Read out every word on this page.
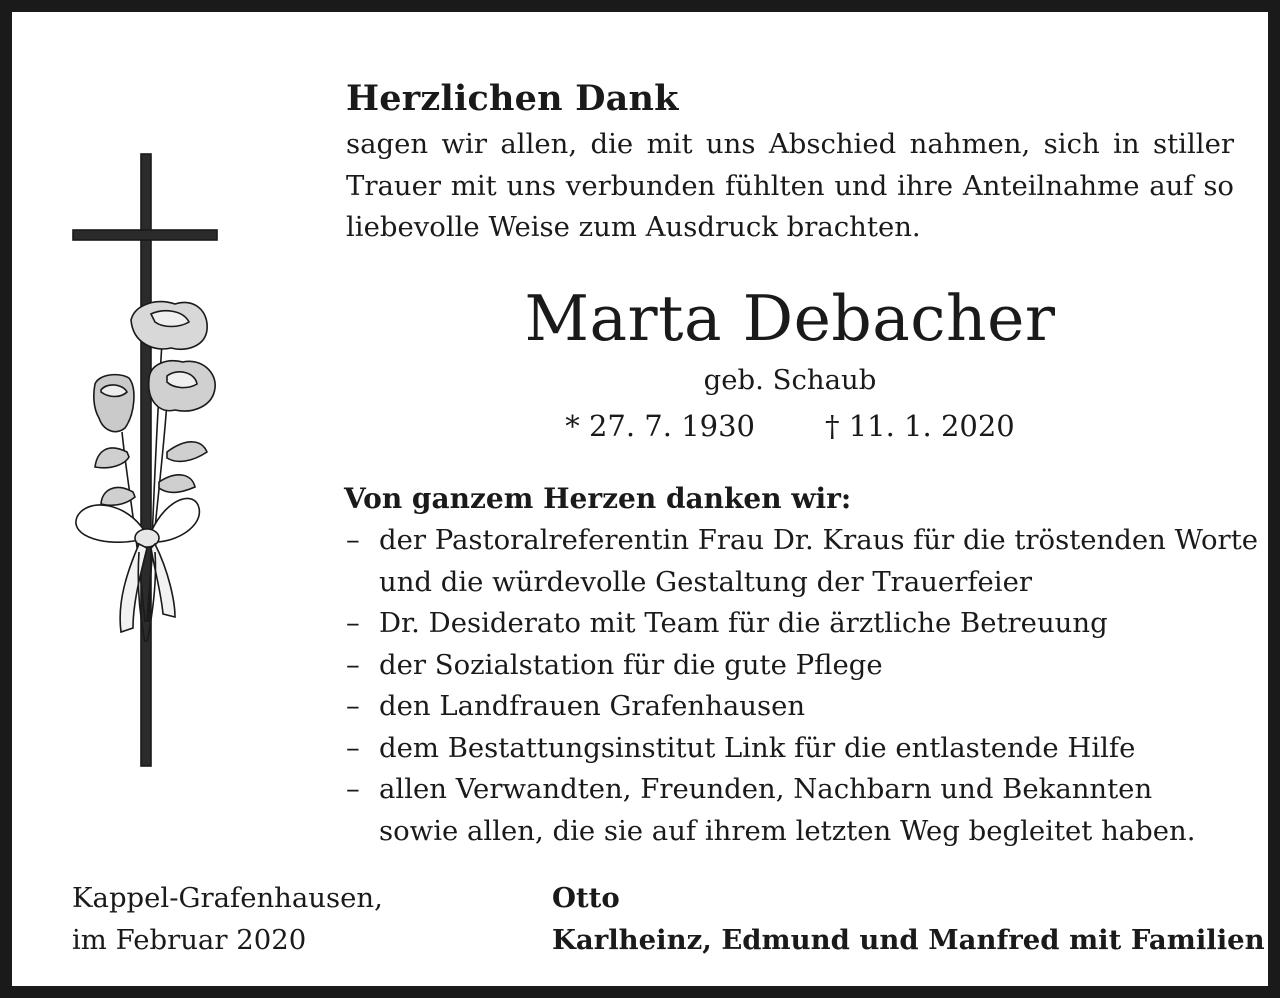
Herzlichen Dank

sagen wir allen, die mit uns Abschied nahmen, sich in stiller

Trauer mit uns verbunden fühlten und ihre Anteilnahme auf so

liebevolle Weise zum Ausdruck brachten.

Marta Debacher
geb. Schaub
* 27. 7. 1930 † 11. 1. 2020
Von ganzem Herzen danken wir:
– der Pastoralreferentin Frau Dr. Kraus für die tröstenden Worte
und die würdevolle Gestaltung der Trauerfeier
– Dr. Desiderato mit Team für die ärztliche Betreuung
– der Sozialstation für die gute Pflege
– den Landfrauen Grafenhausen
– dem Bestattungsinstitut Link für die entlastende Hilfe
– allen Verwandten, Freunden, Nachbarn und Bekannten
sowie allen, die sie auf ihrem letzten Weg begleitet haben.
Kappel-Grafenhausen,
im Februar 2020
Otto
Karlheinz, Edmund und Manfred mit Familien
